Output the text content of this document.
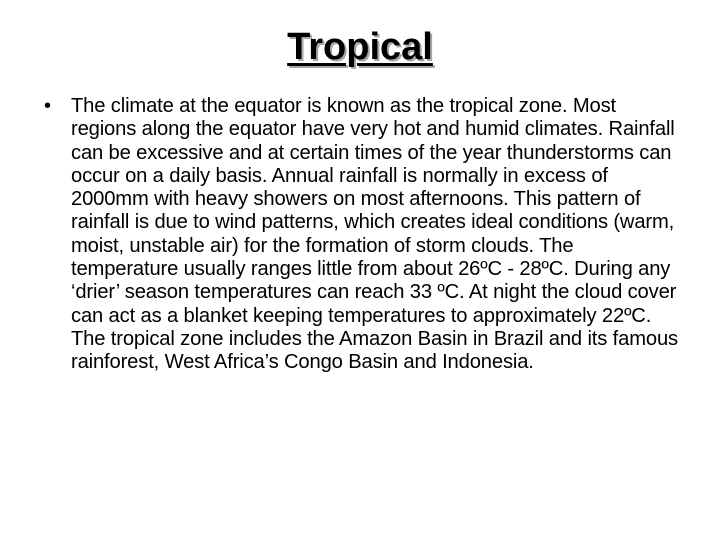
Tropical
• The climate at the equator is known as the tropical zone. Most regions along the equator have very hot and humid climates. Rainfall can be excessive and at certain times of the year thunderstorms can occur on a daily basis. Annual rainfall is normally in excess of 2000mm with heavy showers on most afternoons. This pattern of rainfall is due to wind patterns, which creates ideal conditions (warm, moist, unstable air) for the formation of storm clouds. The temperature usually ranges little from about 26ºC - 28ºC. During any ‘drier’ season temperatures can reach 33 ºC. At night the cloud cover can act as a blanket keeping temperatures to approximately 22ºC. The tropical zone includes the Amazon Basin in Brazil and its famous rainforest, West Africa’s Congo Basin and Indonesia.
